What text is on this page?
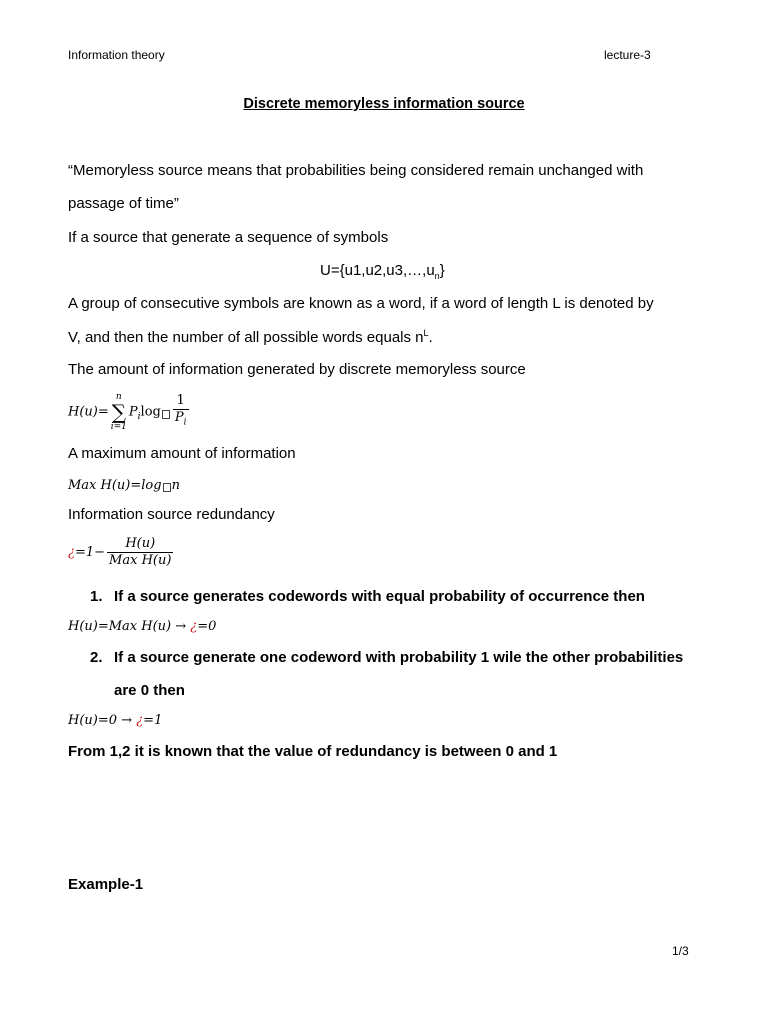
Information theory	lecture-3
Discrete memoryless information source
“Memoryless source means that probabilities being considered remain unchanged with
passage of time”
If a source that generate a sequence of symbols
$U=\{u1,u2,u3,\dots,u_n\}$
A group of consecutive symbols are known as a word, if a word of length L is denoted by
V, and then the number of all possible words equals $n^L$.
The amount of information generated by discrete memoryless source
H(u)=
n
∑
i=1
$P_i\log \frac{1}{P_i}$
A maximum amount of information
Max H(u)=log n
Information source redundancy
¿$=1- \frac{H(u)}{\text{Max H(u)}}$
1. If a source generates codewords with equal probability of occurrence then
H(u)=Max H(u) → ¿=0
2. If a source generate one codeword with probability 1 wile the other probabilities
are 0 then
H(u)=0 → ¿=1
From 1,2 it is known that the value of redundancy is between 0 and 1
Example-1
1/3
